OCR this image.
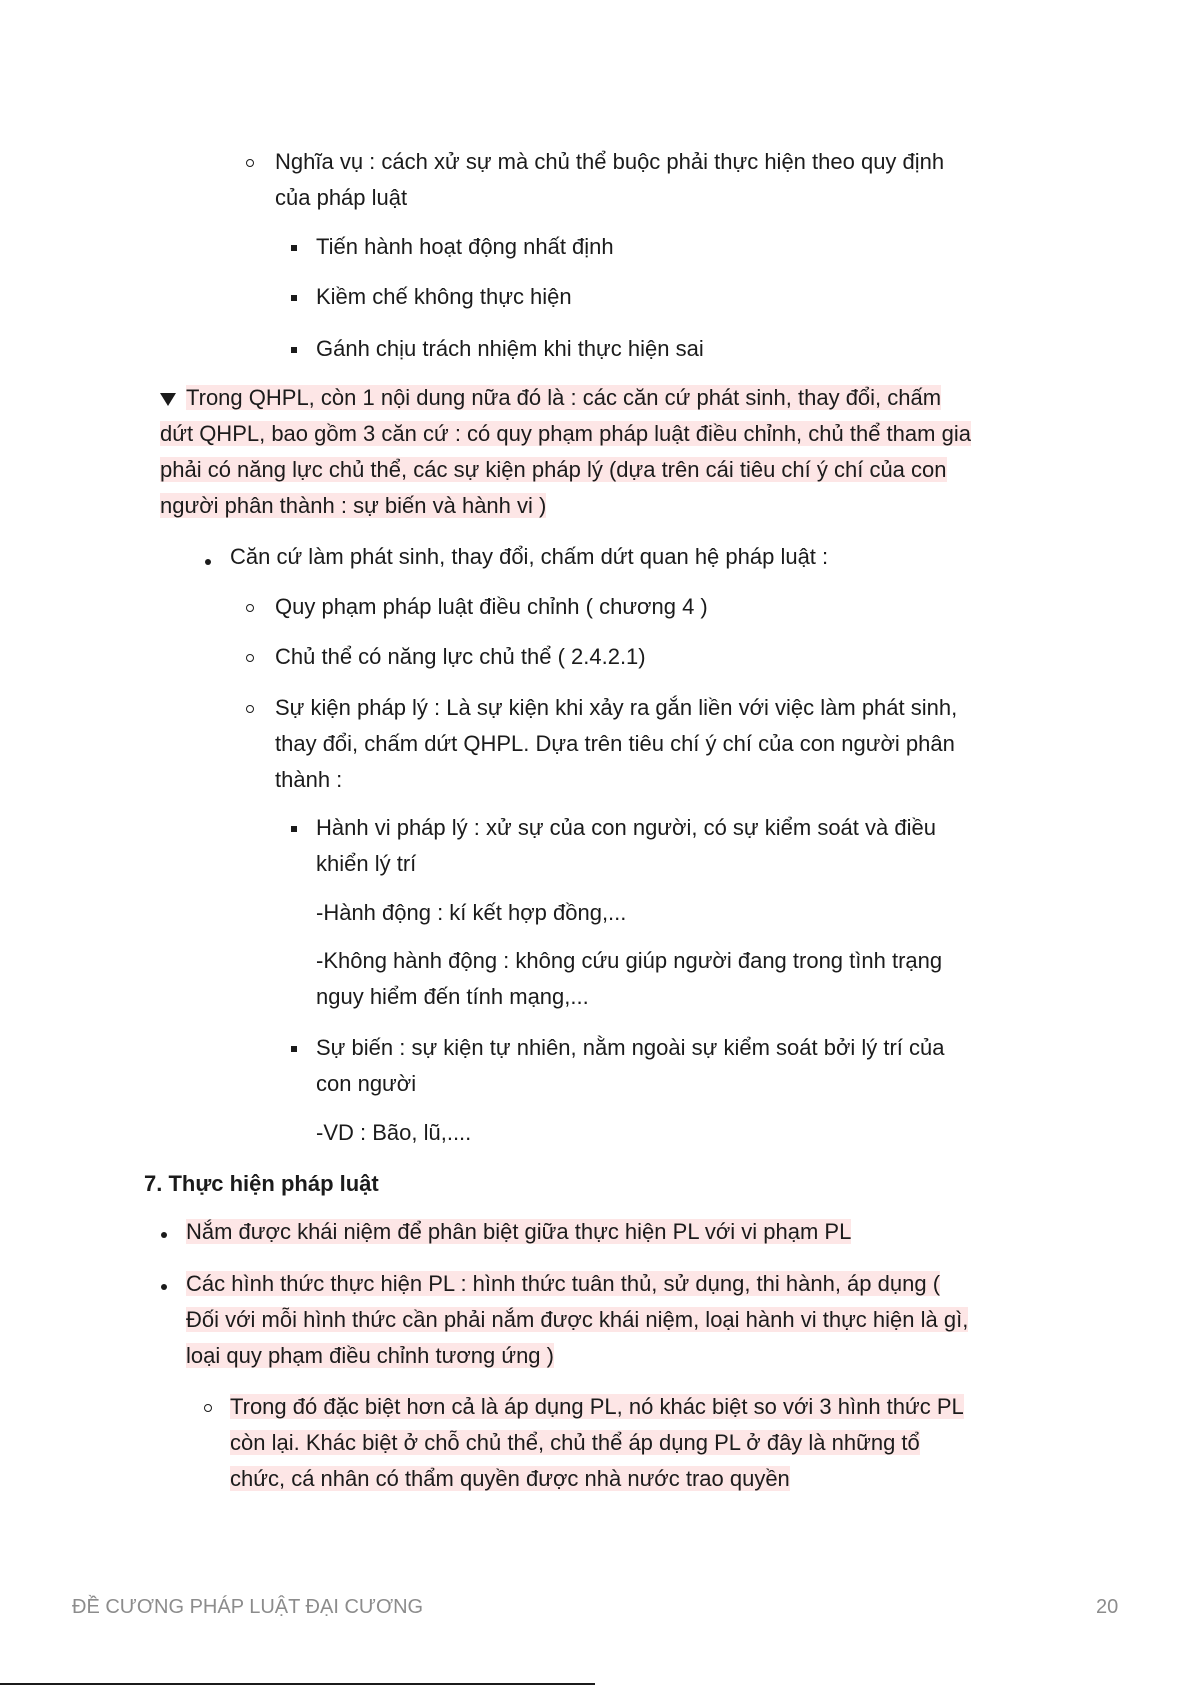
Nghĩa vụ : cách xử sự mà chủ thể buộc phải thực hiện theo quy định
của pháp luật
Tiến hành hoạt động nhất định
Kiềm chế không thực hiện
Gánh chịu trách nhiệm khi thực hiện sai
Trong QHPL, còn 1 nội dung nữa đó là : các căn cứ phát sinh, thay đổi, chấm
dứt QHPL, bao gồm 3 căn cứ : có quy phạm pháp luật điều chỉnh, chủ thể tham gia
phải có năng lực chủ thể, các sự kiện pháp lý (dựa trên cái tiêu chí ý chí của con
người phân thành : sự biến và hành vi )
Căn cứ làm phát sinh, thay đổi, chấm dứt quan hệ pháp luật :
Quy phạm pháp luật điều chỉnh ( chương 4 )
Chủ thể có năng lực chủ thể ( 2.4.2.1)
Sự kiện pháp lý : Là sự kiện khi xảy ra gắn liền với việc làm phát sinh,
thay đổi, chấm dứt QHPL. Dựa trên tiêu chí ý chí của con người phân
thành :
Hành vi pháp lý : xử sự của con người, có sự kiểm soát và điều
khiển lý trí
-Hành động : kí kết hợp đồng,...
-Không hành động : không cứu giúp người đang trong tình trạng
nguy hiểm đến tính mạng,...
Sự biến : sự kiện tự nhiên, nằm ngoài sự kiểm soát bởi lý trí của
con người
-VD : Bão, lũ,....
7. Thực hiện pháp luật
Nắm được khái niệm để phân biệt giữa thực hiện PL với vi phạm PL
Các hình thức thực hiện PL : hình thức tuân thủ, sử dụng, thi hành, áp dụng (
Đối với mỗi hình thức cần phải nắm được khái niệm, loại hành vi thực hiện là gì,
loại quy phạm điều chỉnh tương ứng )
Trong đó đặc biệt hơn cả là áp dụng PL, nó khác biệt so với 3 hình thức PL
còn lại. Khác biệt ở chỗ chủ thể, chủ thể áp dụng PL ở đây là những tổ
chức, cá nhân có thẩm quyền được nhà nước trao quyền
ĐỀ CƯƠNG PHÁP LUẬT ĐẠI CƯƠNG	20
